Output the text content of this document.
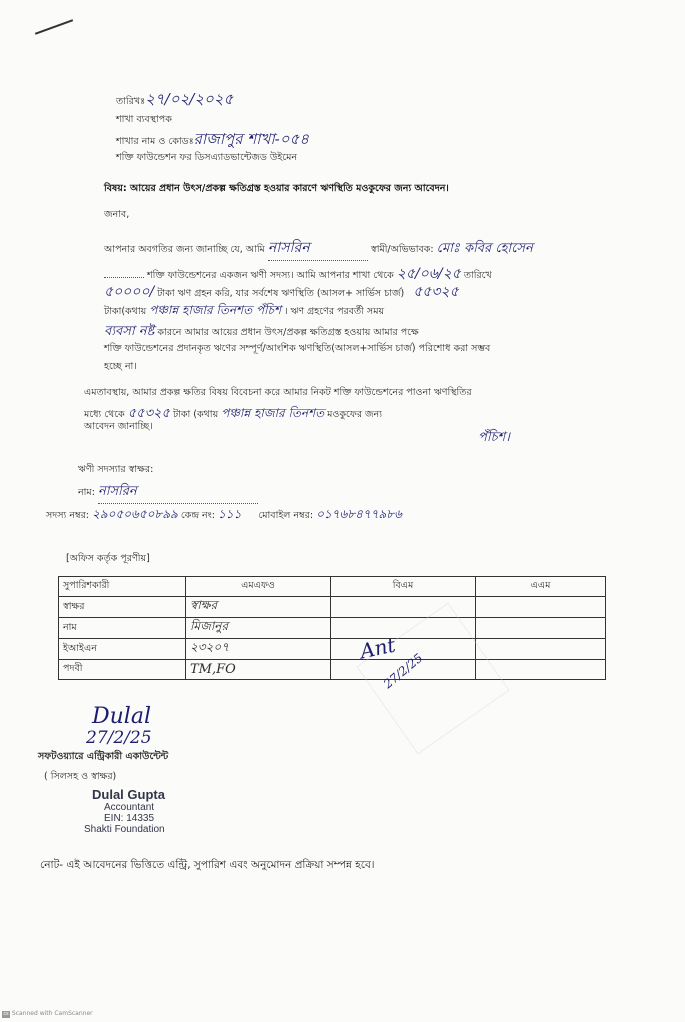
তারিখঃ২৭/০২/২০২৫
শাখা ব্যবস্থাপক
শাখার নাম ও কোডঃরাজাপুর শাখা-০৫৪
শক্তি ফাউন্ডেশন ফর ডিসএ্যাডভান্টেজড উইমেন
বিষয়: আয়ের প্রধান উৎস/প্রকল্প ক্ষতিগ্রস্ত হওয়ার কারণে ঋণস্থিতি মওকুফের জন্য আবেদন।
জনাব,
আপনার অবগতির জন্য জানাচ্ছি যে, আমি নাসরিন	স্বামী/অভিভাবক: মোঃ কবির হোসেন
শক্তি ফাউন্ডেশনের একজন ঋণী সদস্য। আমি আপনার শাখা থেকে ২৫/০৬/২৫ তারিখে
৫০০০০/ টাকা ঋণ গ্রহন করি, যার সর্বশেষ ঋণস্থিতি (আসল+ সার্ভিস চার্জ) ৫৫৩২৫
টাকা(কথায় পঞ্চান্ন হাজার তিনশত পঁচিশ । ঋণ গ্রহণের পরবর্তী সময়
ব্যবসা নষ্ট কারনে আমার আয়ের প্রধান উৎস/প্রকল্প ক্ষতিগ্রস্ত হওয়ায় আমার পক্ষে
শক্তি ফাউন্ডেশনের প্রদানকৃত ঋণের সম্পূর্ণ/আংশিক ঋণস্থিতি(আসল+সার্ভিস চার্জ) পরিশোধ করা সম্ভব
হচ্ছে না।
এমতাবস্থায়, আমার প্রকল্প ক্ষতির বিষয় বিবেচনা করে আমার নিকট শক্তি ফাউন্ডেশনের পাওনা ঋণস্থিতির
মধ্যে থেকে ৫৫৩২৫ টাকা (কথায় পঞ্চান্ন হাজার তিনশত মওকুফের জন্য
আবেদন জানাচ্ছি।
পঁচিশ।
ঋণী সদস্যার স্বাক্ষর:
নাম: নাসরিন
সদস্য নম্বর: ২৯০৫০৬৫০৮৯৯ কেন্দ্র নং: ১১১ মোবাইল নম্বর: ০১৭৬৮৪৭৭৯৮৬
[অফিস কর্তৃক পূরণীয়]
সুপারিশকারী	এমএফও	বিএম	এএম
স্বাক্ষর	স্বাক্ষর		
নাম	মিজানুর		
ইআইএন	২৩২০৭		
পদবী	TM,FO		
Ant
27/2/25
Dulal
27/2/25
সফটওয়্যারে এন্ট্রিকারী একাউন্টেন্ট
( সিলসহ ও স্বাক্ষর)
Dulal Gupta
Accountant
EIN: 14335
Shakti Foundation
নোট- এই আবেদনের ভিত্তিতে এন্ট্রি, সুপারিশ এবং অনুমোদন প্রক্রিয়া সম্পন্ন হবে।
cs Scanned with CamScanner
